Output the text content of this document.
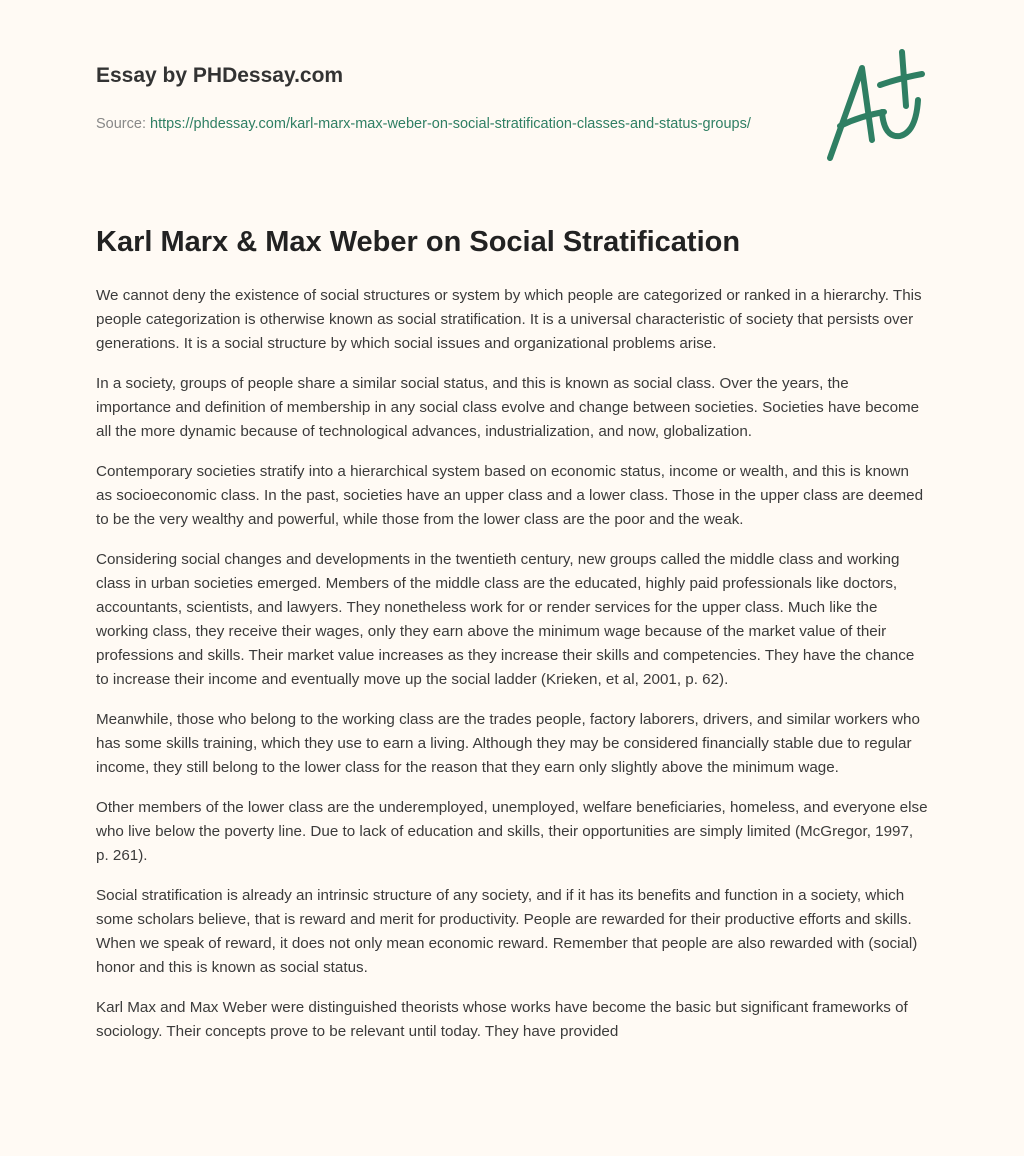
Essay by PHDessay.com
Source: https://phdessay.com/karl-marx-max-weber-on-social-stratification-classes-and-status-groups/
Karl Marx & Max Weber on Social Stratification

We cannot deny the existence of social structures or system by which people are categorized or ranked in a hierarchy. This people categorization is otherwise known as social stratification. It is a universal characteristic of society that persists over generations. It is a social structure by which social issues and organizational problems arise.

In a society, groups of people share a similar social status, and this is known as social class. Over the years, the importance and definition of membership in any social class evolve and change between societies. Societies have become all the more dynamic because of technological advances, industrialization, and now, globalization.

Contemporary societies stratify into a hierarchical system based on economic status, income or wealth, and this is known as socioeconomic class. In the past, societies have an upper class and a lower class. Those in the upper class are deemed to be the very wealthy and powerful, while those from the lower class are the poor and the weak.

Considering social changes and developments in the twentieth century, new groups called the middle class and working class in urban societies emerged. Members of the middle class are the educated, highly paid professionals like doctors, accountants, scientists, and lawyers. They nonetheless work for or render services for the upper class. Much like the working class, they receive their wages, only they earn above the minimum wage because of the market value of their professions and skills. Their market value increases as they increase their skills and competencies. They have the chance to increase their income and eventually move up the social ladder (Krieken, et al, 2001, p. 62).

Meanwhile, those who belong to the working class are the trades people, factory laborers, drivers, and similar workers who has some skills training, which they use to earn a living. Although they may be considered financially stable due to regular income, they still belong to the lower class for the reason that they earn only slightly above the minimum wage.

Other members of the lower class are the underemployed, unemployed, welfare beneficiaries, homeless, and everyone else who live below the poverty line. Due to lack of education and skills, their opportunities are simply limited (McGregor, 1997, p. 261).

Social stratification is already an intrinsic structure of any society, and if it has its benefits and function in a society, which some scholars believe, that is reward and merit for productivity. People are rewarded for their productive efforts and skills. When we speak of reward, it does not only mean economic reward. Remember that people are also rewarded with (social) honor and this is known as social status.

Karl Max and Max Weber were distinguished theorists whose works have become the basic but significant frameworks of sociology. Their concepts prove to be relevant until today. They have provided
